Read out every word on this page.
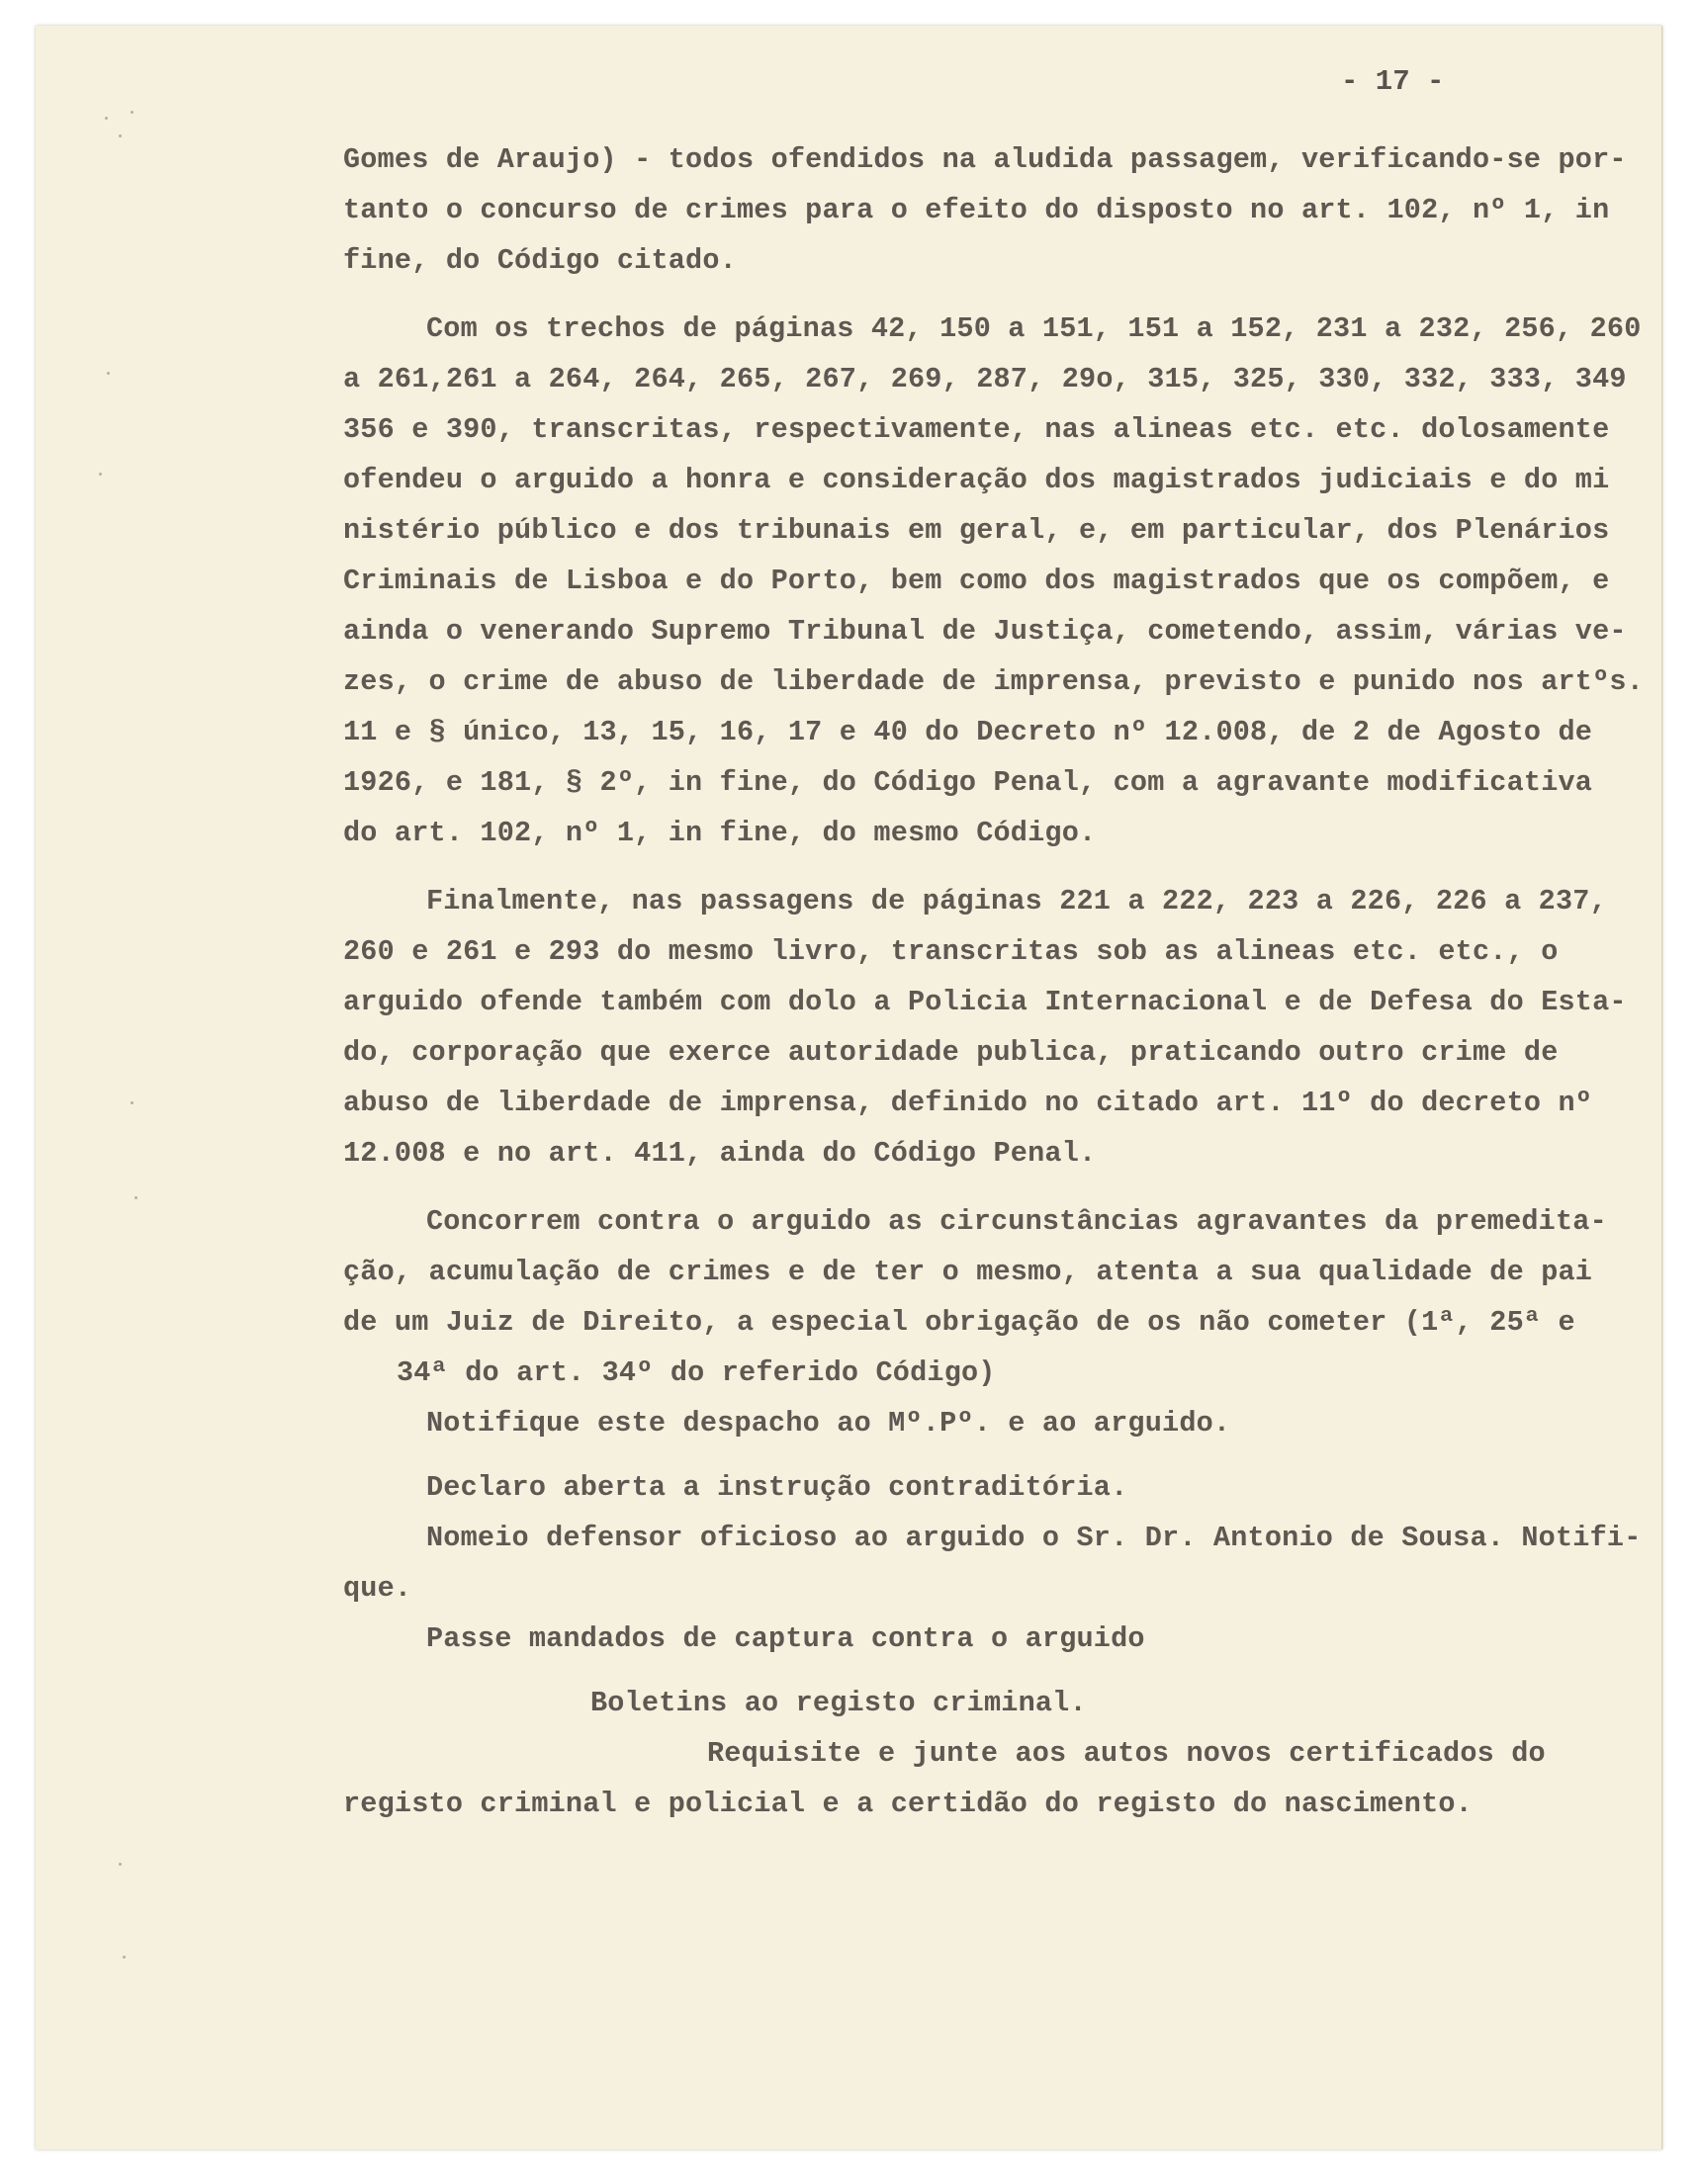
- 17 -

Gomes de Araujo) - todos ofendidos na aludida passagem, verificando-se por-

tanto o concurso de crimes para o efeito do disposto no art. 102, nº 1, in

fine, do Código citado.

Com os trechos de páginas 42, 150 a 151, 151 a 152, 231 a 232, 256, 260

a 261,261 a 264, 264, 265, 267, 269, 287, 29o, 315, 325, 330, 332, 333, 349

356 e 390, transcritas, respectivamente, nas alineas etc. etc. dolosamente

ofendeu o arguido a honra e consideração dos magistrados judiciais e do mi

nistério público e dos tribunais em geral, e, em particular, dos Plenários

Criminais de Lisboa e do Porto, bem como dos magistrados que os compõem, e

ainda o venerando Supremo Tribunal de Justiça, cometendo, assim, várias ve-

zes, o crime de abuso de liberdade de imprensa, previsto e punido nos artºs.

11 e § único, 13, 15, 16, 17 e 40 do Decreto nº 12.008, de 2 de Agosto de

1926, e 181, § 2º, in fine, do Código Penal, com a agravante modificativa

do art. 102, nº 1, in fine, do mesmo Código.

Finalmente, nas passagens de páginas 221 a 222, 223 a 226, 226 a 237,

260 e 261 e 293 do mesmo livro, transcritas sob as alineas etc. etc., o

arguido ofende também com dolo a Policia Internacional e de Defesa do Esta-

do, corporação que exerce autoridade publica, praticando outro crime de

abuso de liberdade de imprensa, definido no citado art. 11º do decreto nº

12.008 e no art. 411, ainda do Código Penal.

Concorrem contra o arguido as circunstâncias agravantes da premedita-

ção, acumulação de crimes e de ter o mesmo, atenta a sua qualidade de pai

de um Juiz de Direito, a especial obrigação de os não cometer (1ª, 25ª e

34ª do art. 34º do referido Código)

Notifique este despacho ao Mº.Pº. e ao arguido.

Declaro aberta a instrução contraditória.

Nomeio defensor oficioso ao arguido o Sr. Dr. Antonio de Sousa. Notifi-

que.

Passe mandados de captura contra o arguido

Boletins ao registo criminal.

Requisite e junte aos autos novos certificados do

registo criminal e policial e a certidão do registo do nascimento.
